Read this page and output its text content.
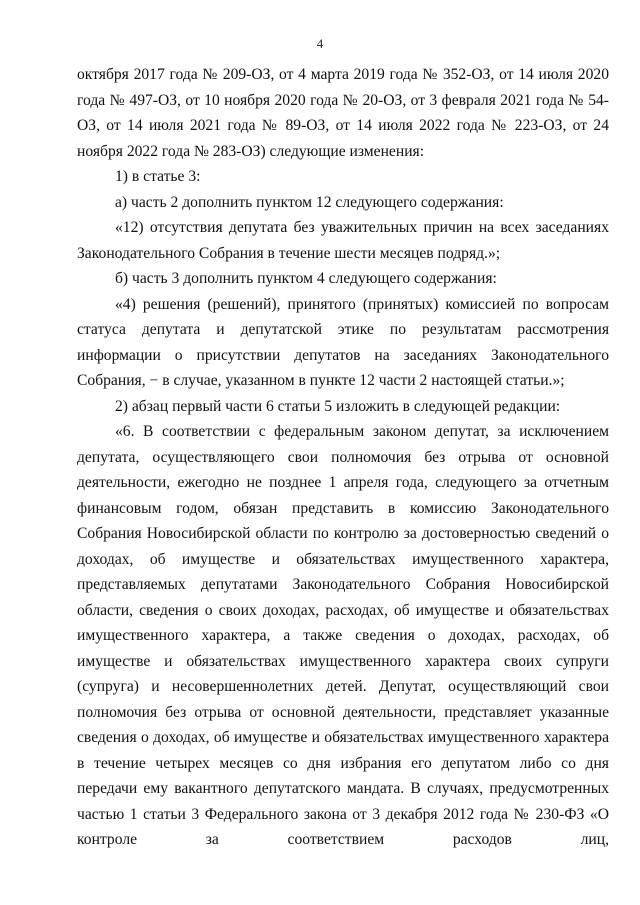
4

октября 2017 года № 209-ОЗ, от 4 марта 2019 года № 352-ОЗ, от 14 июля 2020 года № 497-ОЗ, от 10 ноября 2020 года № 20-ОЗ, от 3 февраля 2021 года № 54-ОЗ, от 14 июля 2021 года № 89-ОЗ, от 14 июля 2022 года № 223-ОЗ, от 24 ноября 2022 года № 283-ОЗ) следующие изменения:

1) в статье 3:

а) часть 2 дополнить пунктом 12 следующего содержания:

«12) отсутствия депутата без уважительных причин на всех заседаниях Законодательного Собрания в течение шести месяцев подряд.»;

б) часть 3 дополнить пунктом 4 следующего содержания:

«4) решения (решений), принятого (принятых) комиссией по вопросам статуса депутата и депутатской этике по результатам рассмотрения информации о присутствии депутатов на заседаниях Законодательного Собрания, − в случае, указанном в пункте 12 части 2 настоящей статьи.»;

2) абзац первый части 6 статьи 5 изложить в следующей редакции:

«6. В соответствии с федеральным законом депутат, за исключением депутата, осуществляющего свои полномочия без отрыва от основной деятельности, ежегодно не позднее 1 апреля года, следующего за отчетным финансовым годом, обязан представить в комиссию Законодательного Собрания Новосибирской области по контролю за достоверностью сведений о доходах, об имуществе и обязательствах имущественного характера, представляемых депутатами Законодательного Собрания Новосибирской области, сведения о своих доходах, расходах, об имуществе и обязательствах имущественного характера, а также сведения о доходах, расходах, об имуществе и обязательствах имущественного характера своих супруги (супруга) и несовершеннолетних детей. Депутат, осуществляющий свои полномочия без отрыва от основной деятельности, представляет указанные сведения о доходах, об имуществе и обязательствах имущественного характера в течение четырех месяцев со дня избрания его депутатом либо со дня передачи ему вакантного депутатского мандата. В случаях, предусмотренных частью 1 статьи 3 Федерального закона от 3 декабря 2012 года № 230-ФЗ «О контроле за соответствием расходов лиц,
